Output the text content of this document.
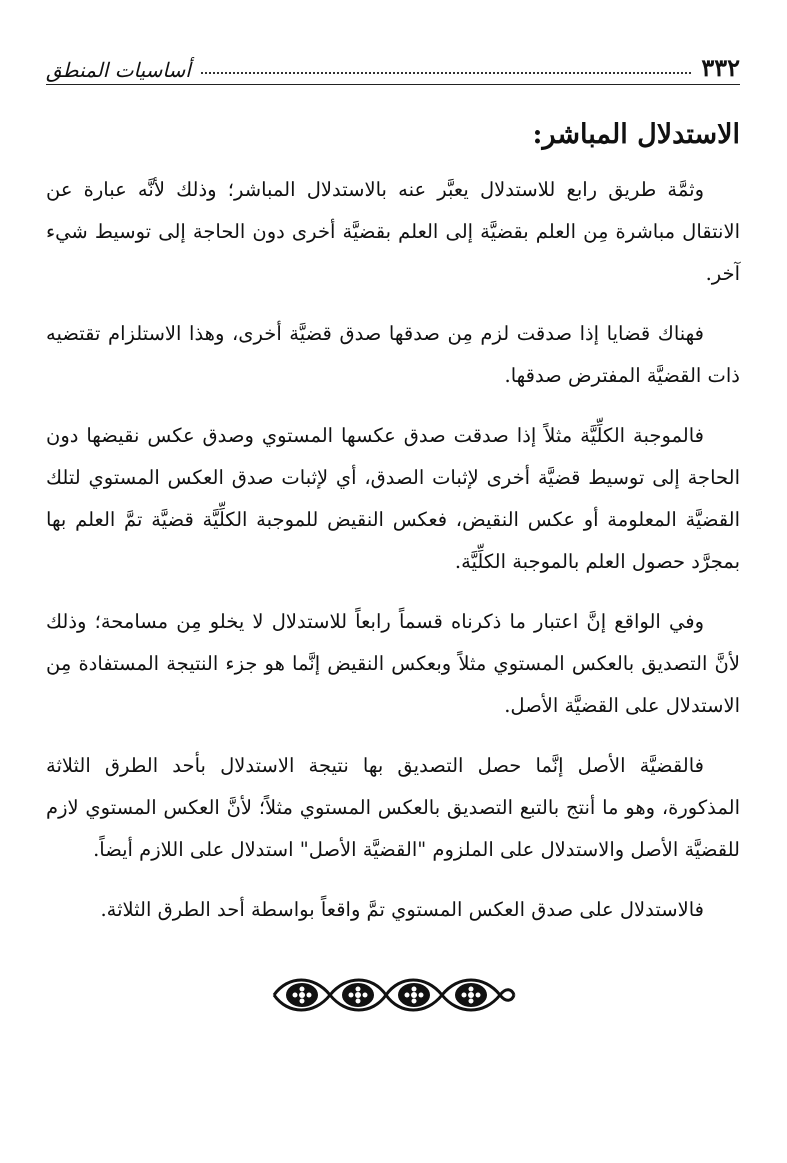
٣٣٢
أساسيات المنطق
الاستدلال المباشر:

وثمَّة طريق رابع للاستدلال يعبَّر عنه بالاستدلال المباشر؛ وذلك لأنَّه عبارة عن الانتقال مباشرة مِن العلم بقضيَّة إلى العلم بقضيَّة أخرى دون الحاجة إلى توسيط شيء آخر.

فهناك قضايا إذا صدقت لزم مِن صدقها صدق قضيَّة أخرى، وهذا الاستلزام تقتضيه ذات القضيَّة المفترض صدقها.

فالموجبة الكلِّيَّة مثلاً إذا صدقت صدق عكسها المستوي وصدق عكس نقيضها دون الحاجة إلى توسيط قضيَّة أخرى لإثبات الصدق، أي لإثبات صدق العكس المستوي لتلك القضيَّة المعلومة أو عكس النقيض، فعكس النقيض للموجبة الكلِّيَّة قضيَّة تمَّ العلم بها بمجرَّد حصول العلم بالموجبة الكلِّيَّة.

وفي الواقع إنَّ اعتبار ما ذكرناه قسماً رابعاً للاستدلال لا يخلو مِن مسامحة؛ وذلك لأنَّ التصديق بالعكس المستوي مثلاً وبعكس النقيض إنَّما هو جزء النتيجة المستفادة مِن الاستدلال على القضيَّة الأصل.

فالقضيَّة الأصل إنَّما حصل التصديق بها نتيجة الاستدلال بأحد الطرق الثلاثة المذكورة، وهو ما أنتج بالتبع التصديق بالعكس المستوي مثلاً؛ لأنَّ العكس المستوي لازم للقضيَّة الأصل والاستدلال على الملزوم "القضيَّة الأصل" استدلال على اللازم أيضاً.

فالاستدلال على صدق العكس المستوي تمَّ واقعاً بواسطة أحد الطرق الثلاثة.
